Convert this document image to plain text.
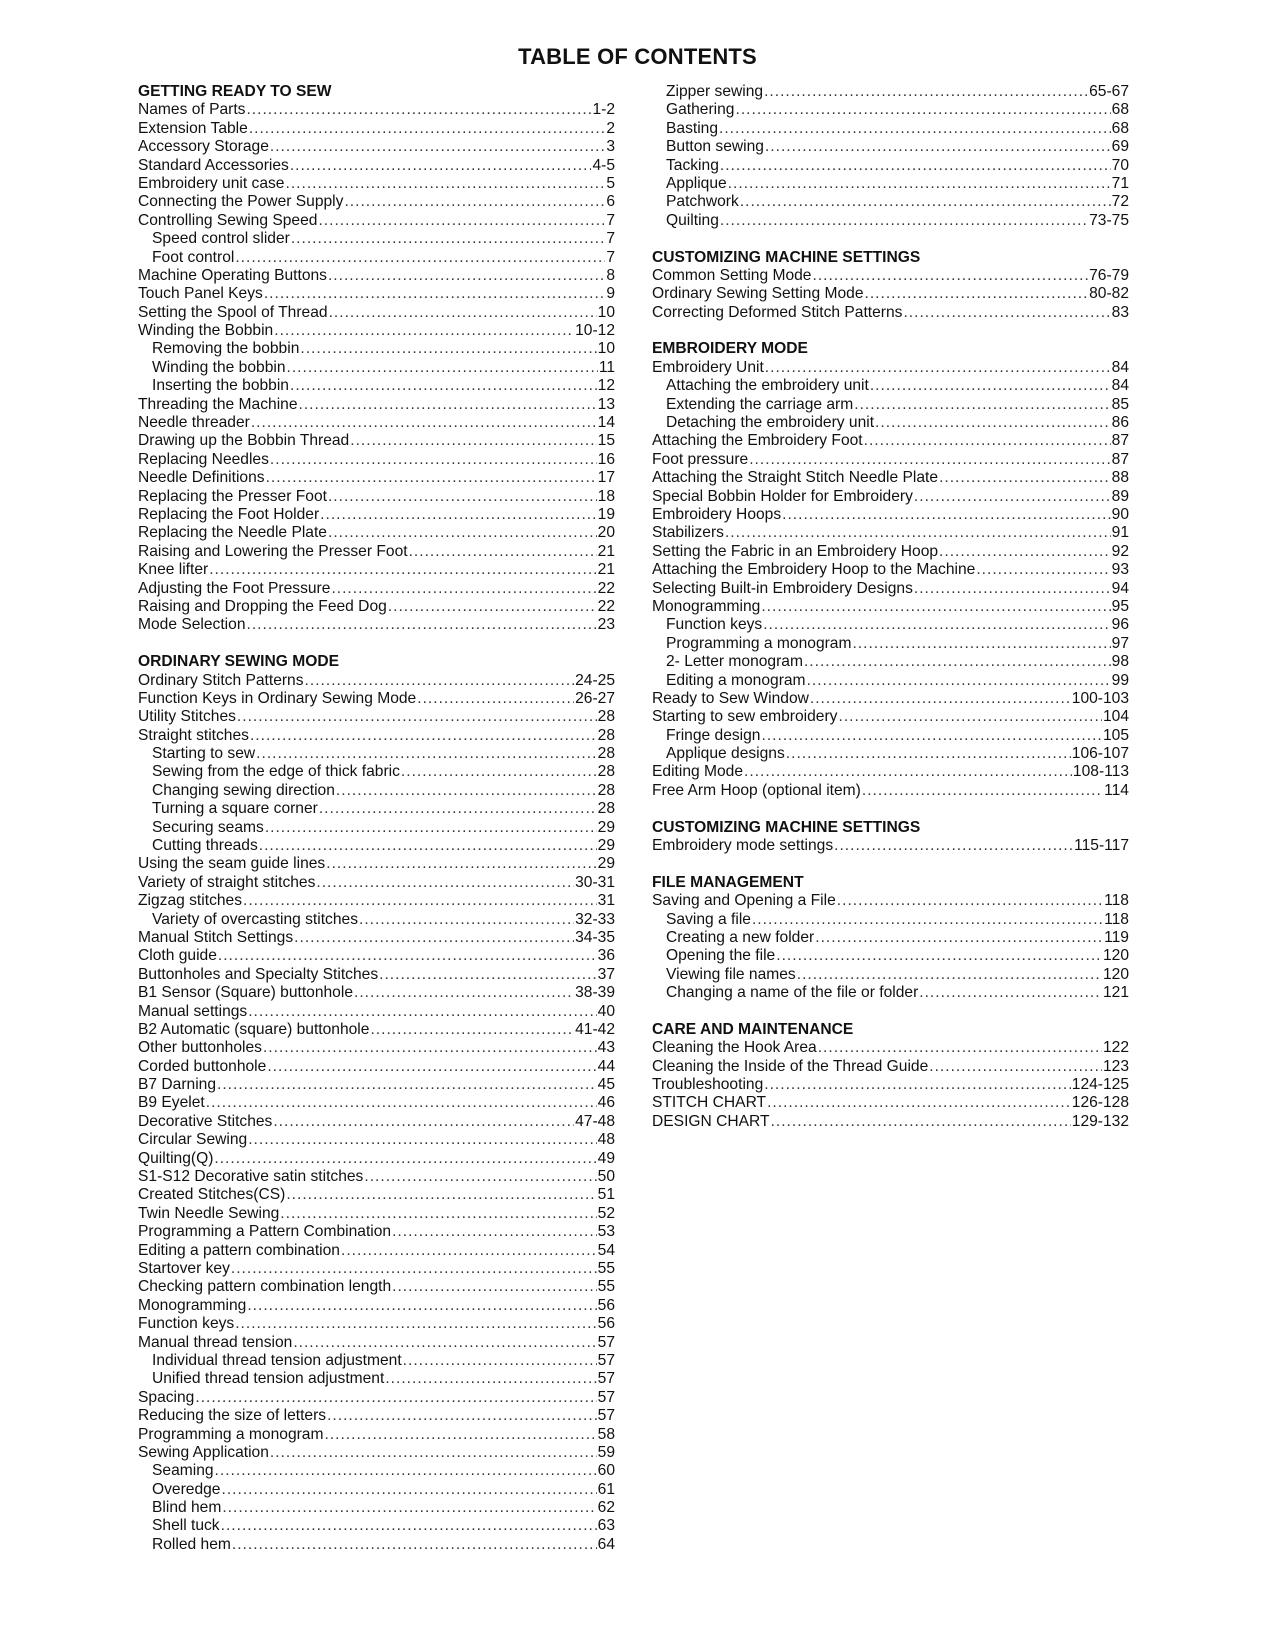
TABLE OF CONTENTS
GETTING READY TO SEW
Names of Parts .....	1-2
Extension Table .....	2
Accessory Storage .....	3
Standard Accessories .....	4-5
Embroidery unit case .....	5
Connecting the Power Supply .....	6
Controlling Sewing Speed .....	7
Speed control slider .....	7
Foot control .....	7
Machine Operating Buttons .....	8
Touch Panel Keys .....	9
Setting the Spool of Thread .....	10
Winding the Bobbin .....	10-12
Removing the bobbin .....	10
Winding the bobbin .....	11
Inserting the bobbin .....	12
Threading the Machine .....	13
Needle threader .....	14
Drawing up the Bobbin Thread .....	15
Replacing Needles .....	16
Needle Definitions .....	17
Replacing the Presser Foot .....	18
Replacing the Foot Holder .....	19
Replacing the Needle Plate .....	20
Raising and Lowering the Presser Foot .....	21
Knee lifter .....	21
Adjusting the Foot Pressure .....	22
Raising and Dropping the Feed Dog .....	22
Mode Selection .....	23
ORDINARY SEWING MODE
Ordinary Stitch Patterns .....	24-25
Function Keys in Ordinary Sewing Mode .....	26-27
Utility Stitches .....	28
Straight stitches .....	28
Starting to sew .....	28
Sewing from the edge of thick fabric .....	28
Changing sewing direction .....	28
Turning a square corner .....	28
Securing seams .....	29
Cutting threads .....	29
Using the seam guide lines .....	29
Variety of straight stitches .....	30-31
Zigzag stitches .....	31
Variety of overcasting stitches .....	32-33
Manual Stitch Settings .....	34-35
Cloth guide .....	36
Buttonholes and Specialty Stitches .....	37
B1 Sensor (Square) buttonhole .....	38-39
Manual settings .....	40
B2 Automatic (square) buttonhole .....	41-42
Other buttonholes .....	43
Corded buttonhole .....	44
B7 Darning .....	45
B9 Eyelet .....	46
Decorative Stitches .....	47-48
Circular Sewing .....	48
Quilting(Q) .....	49
S1-S12 Decorative satin stitches .....	50
Created Stitches(CS) .....	51
Twin Needle Sewing .....	52
Programming a Pattern Combination .....	53
Editing a pattern combination .....	54
Startover key .....	55
Checking pattern combination length .....	55
Monogramming .....	56
Function keys .....	56
Manual thread tension .....	57
Individual thread tension adjustment .....	57
Unified thread tension adjustment .....	57
Spacing .....	57
Reducing the size of letters .....	57
Programming a monogram .....	58
Sewing Application .....	59
Seaming .....	60
Overedge .....	61
Blind hem .....	62
Shell tuck .....	63
Rolled hem .....	64
Zipper sewing .....	65-67
Gathering .....	68
Basting .....	68
Button sewing .....	69
Tacking .....	70
Applique .....	71
Patchwork .....	72
Quilting .....	73-75
CUSTOMIZING MACHINE SETTINGS
Common Setting Mode .....	76-79
Ordinary Sewing Setting Mode .....	80-82
Correcting Deformed Stitch Patterns .....	83
EMBROIDERY MODE
Embroidery Unit .....	84
Attaching the embroidery unit .....	84
Extending the carriage arm .....	85
Detaching the embroidery unit .....	86
Attaching the Embroidery Foot .....	87
Foot pressure .....	87
Attaching the Straight Stitch Needle Plate .....	88
Special Bobbin Holder for Embroidery .....	89
Embroidery Hoops .....	90
Stabilizers .....	91
Setting the Fabric in an Embroidery Hoop .....	92
Attaching the Embroidery Hoop to the Machine .....	93
Selecting Built-in Embroidery Designs .....	94
Monogramming .....	95
Function keys .....	96
Programming a monogram .....	97
2- Letter monogram .....	98
Editing a monogram .....	99
Ready to Sew Window .....	100-103
Starting to sew embroidery .....	104
Fringe design .....	105
Applique designs .....	106-107
Editing Mode .....	108-113
Free Arm Hoop (optional item) .....	114
CUSTOMIZING MACHINE SETTINGS
Embroidery mode settings .....	115-117
FILE MANAGEMENT
Saving and Opening a File .....	118
Saving a file .....	118
Creating a new folder .....	119
Opening the file .....	120
Viewing file names .....	120
Changing a name of the file or folder .....	121
CARE AND MAINTENANCE
Cleaning the Hook Area .....	122
Cleaning the Inside of the Thread Guide .....	123
Troubleshooting .....	124-125
STITCH CHART .....	126-128
DESIGN CHART .....	129-132
